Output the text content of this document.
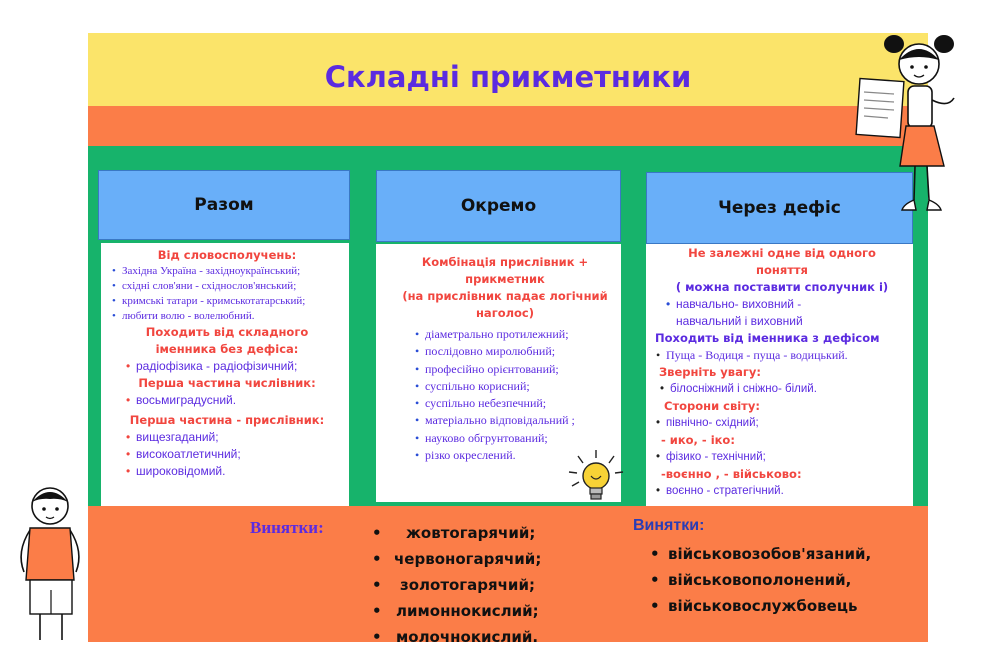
Складні прикметники
Разом	Окремо	Через дефіс
Від словосполучень:
• Західна Україна - західноукраїнський;
• східні слов'яни - східнослов'янський;
• кримські татари - кримськотатарський;
• любити волю - волелюбний.
Походить від складного іменника без дефіса:
• радіофізика - радіофізичний;
Перша частина числівник:
• восьмиградусний.
Перша частина - прислівник:
• вищезгаданий;
• високоатлетичний;
• широковідомий.
Комбінація прислівник +
прикметник
(на прислівник падає логічний
наголос)
• діаметрально протилежний;
• послідовно миролюбний;
• професійно орієнтований;
• суспільно корисний;
• суспільно небезпечний;
• матеріально відповідальний ;
• науково обгрунтований;
• різко окреслений.
Не залежні одне від одного
поняття
( можна поставити сполучник і)
• навчально- виховний -
навчальний і виховний
Походить від іменника з дефісом
• Пуща - Водиця - пуща - водицький.
Зверніть увагу:
• білосніжний і сніжно- білий.
Сторони світу:
• північно- східний;
- ико, - іко:
• фізико - технічний;
-воєнно , - військово:
• воєнно - стратегічний.
Винятки:
•	жовтогарячий;
• червоногарячий;
• золотогарячий;
• лимоннокислий;
• молочнокислий.
Винятки:
• військовозобов'язаний,
• військовополонений,
• військовослужбовець
